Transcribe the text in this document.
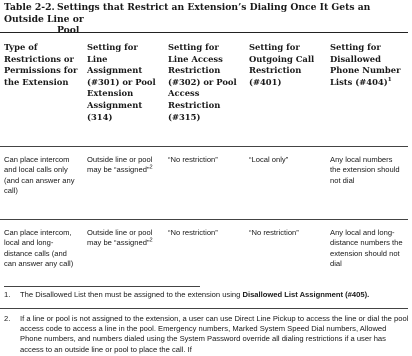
Table 2-2. Settings that Restrict an Extension’s Dialing Once It Gets an Outside Line or
Pool
Type of Restrictions or Permissions for the Extension	Setting for Line Assignment (#301) or Pool Extension Assignment (314)	Setting for Line Access Restriction (#302) or Pool Access Restriction (#315)	Setting for Outgoing Call Restriction (#401)	Setting for Disallowed Phone Number Lists (#404)$^1$
Can place intercom and local calls only (and can answer any call)	Outside line or pool may be “assigned”$^2$	“No restriction”	“Local only”	Any local numbers the extension should not dial
Can place intercom, local and long-distance calls (and can answer any call)	Outside line or pool may be “assigned”$^2$	“No restriction”	“No restriction”	Any local and long-distance numbers the extension should not dial
1. The Disallowed List then must be assigned to the extension using Disallowed List Assignment (#405).
2. If a line or pool is not assigned to the extension, a user can use Direct Line Pickup to access the line or dial the pool access code to access a line in the pool. Emergency numbers, Marked System Speed Dial numbers, Allowed Phone numbers, and numbers dialed using the System Password override all dialing restrictions if a user has access to an outside line or pool to place the call. If
